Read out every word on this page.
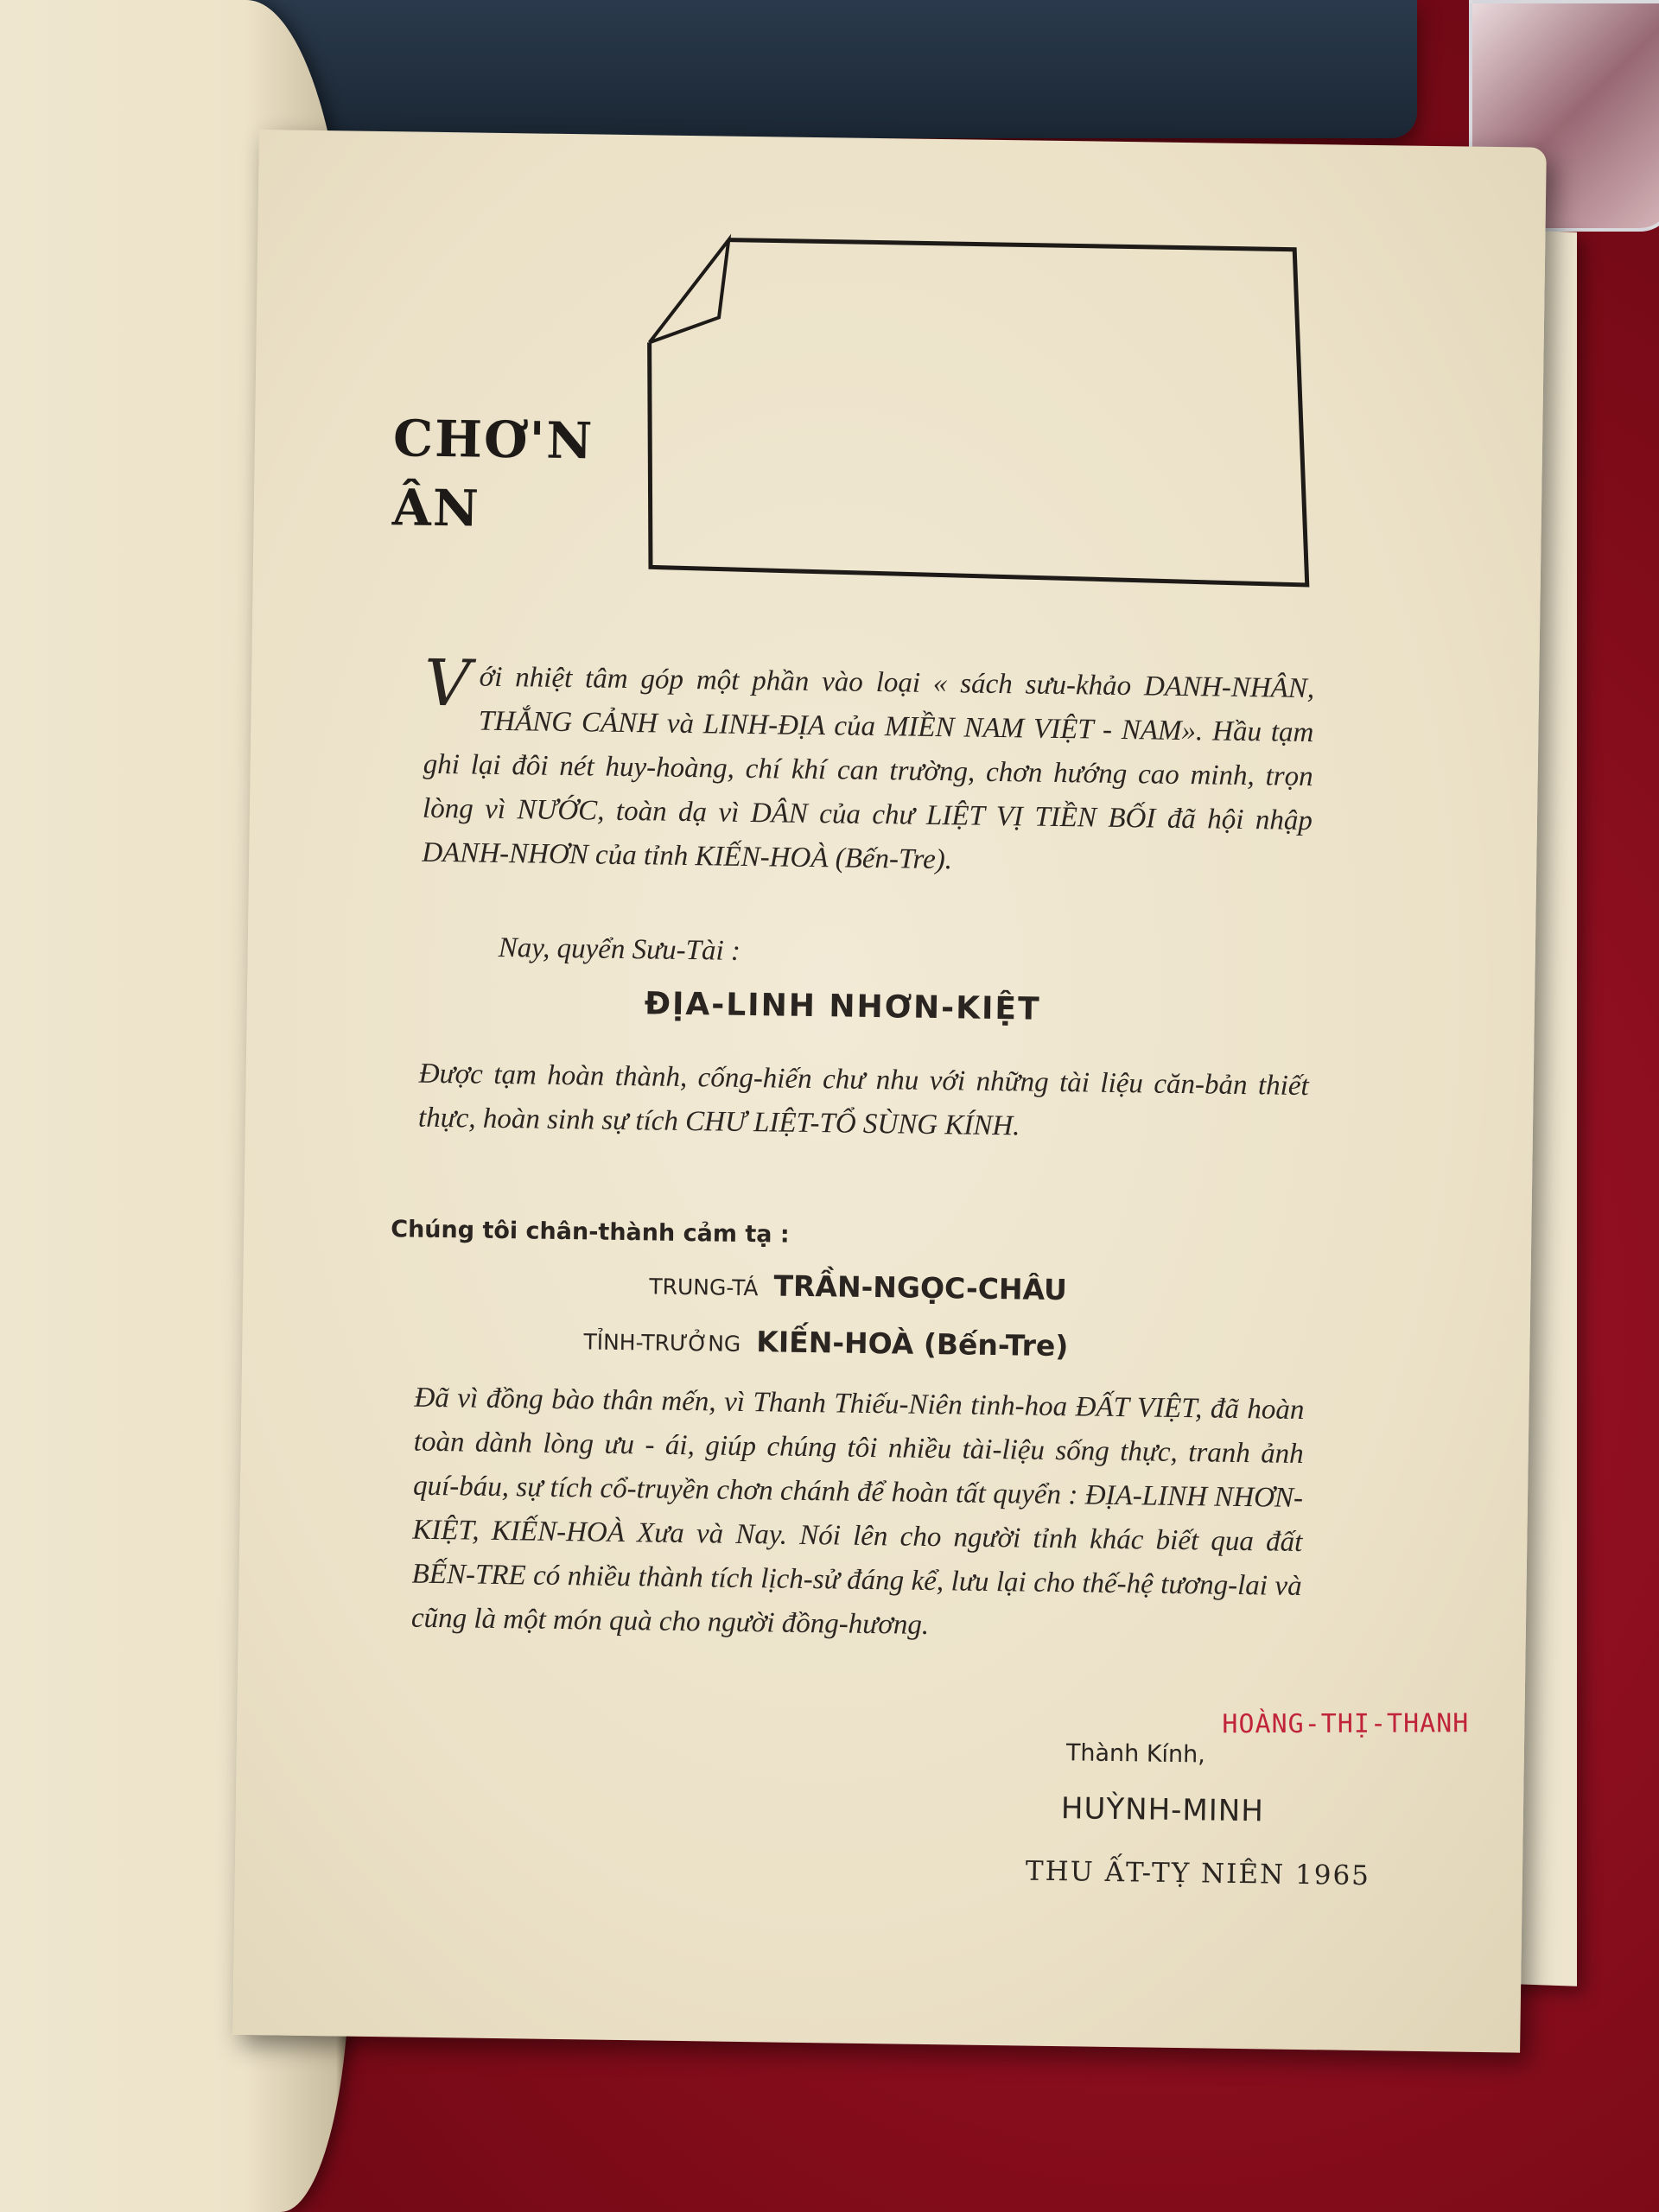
CHƠ'N
ÂN
V ới nhiệt tâm góp một phần vào loại « sách sưu-khảo DANH-NHÂN, THẮNG CẢNH và LINH-ĐỊA của MIỀN NAM VIỆT - NAM». Hầu tạm ghi lại đôi nét huy-hoàng, chí khí can trường, chơn hướng cao minh, trọn lòng vì NƯỚC, toàn dạ vì DÂN của chư LIỆT VỊ TIỀN BỐI đã hội nhập DANH-NHƠN của tỉnh KIẾN-HOÀ (Bến-Tre).
Nay, quyển Sưu-Tài :
ĐỊA-LINH NHƠN-KIỆT
Được tạm hoàn thành, cống-hiến chư nhu với những tài liệu căn-bản thiết thực, hoàn sinh sự tích CHƯ LIỆT-TỔ SÙNG KÍNH.
Chúng tôi chân-thành cảm tạ :
TRUNG-TÁ TRẦN-NGỌC-CHÂU
TỈNH-TRƯỞNG KIẾN-HOÀ (Bến-Tre)
Đã vì đồng bào thân mến, vì Thanh Thiếu-Niên tinh-hoa ĐẤT VIỆT, đã hoàn toàn dành lòng ưu - ái, giúp chúng tôi nhiều tài-liệu sống thực, tranh ảnh quí-báu, sự tích cổ-truyền chơn chánh để hoàn tất quyển : ĐỊA-LINH NHƠN-KIỆT, KIẾN-HOÀ Xưa và Nay. Nói lên cho người tỉnh khác biết qua đất BẾN-TRE có nhiều thành tích lịch-sử đáng kể, lưu lại cho thế-hệ tương-lai và cũng là một món quà cho người đồng-hương.
HOÀNG-THỊ-THANH
Thành Kính,
HUỲNH-MINH
THU ẤT-TỴ NIÊN 1965
